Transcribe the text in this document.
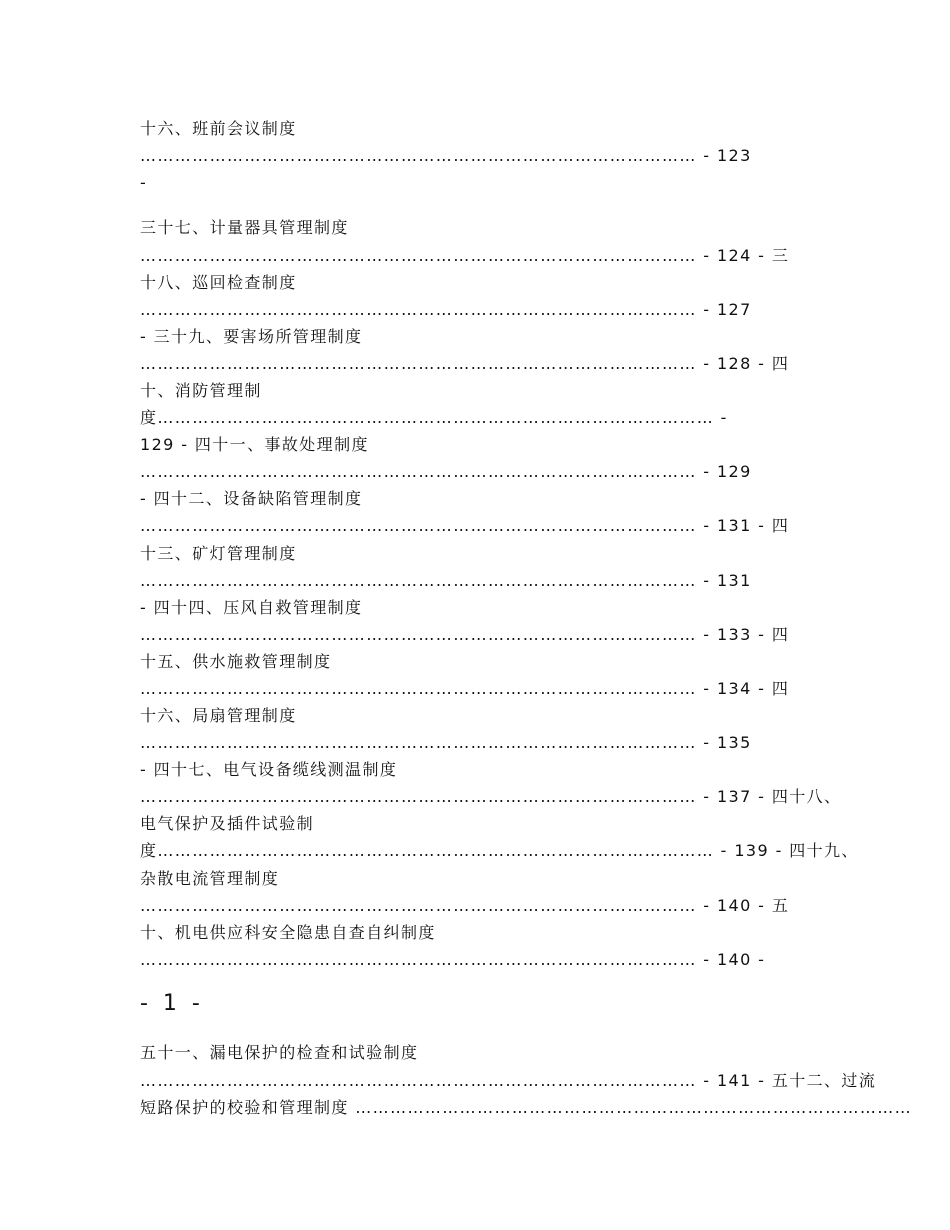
十六、班前会议制度
…………………………………………………………………………………… - 123
-
三十七、计量器具管理制度
…………………………………………………………………………………… - 124 - 三
十八、巡回检查制度
…………………………………………………………………………………… - 127
- 三十九、要害场所管理制度
…………………………………………………………………………………… - 128 - 四
十、消防管理制
度…………………………………………………………………………………… -
129 - 四十一、事故处理制度
…………………………………………………………………………………… - 129
- 四十二、设备缺陷管理制度
…………………………………………………………………………………… - 131 - 四
十三、矿灯管理制度
…………………………………………………………………………………… - 131
- 四十四、压风自救管理制度
…………………………………………………………………………………… - 133 - 四
十五、供水施救管理制度
…………………………………………………………………………………… - 134 - 四
十六、局扇管理制度
…………………………………………………………………………………… - 135
- 四十七、电气设备缆线测温制度
…………………………………………………………………………………… - 137 - 四十八、
电气保护及插件试验制
度…………………………………………………………………………………… - 139 - 四十九、
杂散电流管理制度
…………………………………………………………………………………… - 140 - 五
十、机电供应科安全隐患自查自纠制度
…………………………………………………………………………………… - 140 -
- 1 -
五十一、漏电保护的检查和试验制度
…………………………………………………………………………………… - 141 - 五十二、过流
短路保护的校验和管理制度 ……………………………………………………………………………………
